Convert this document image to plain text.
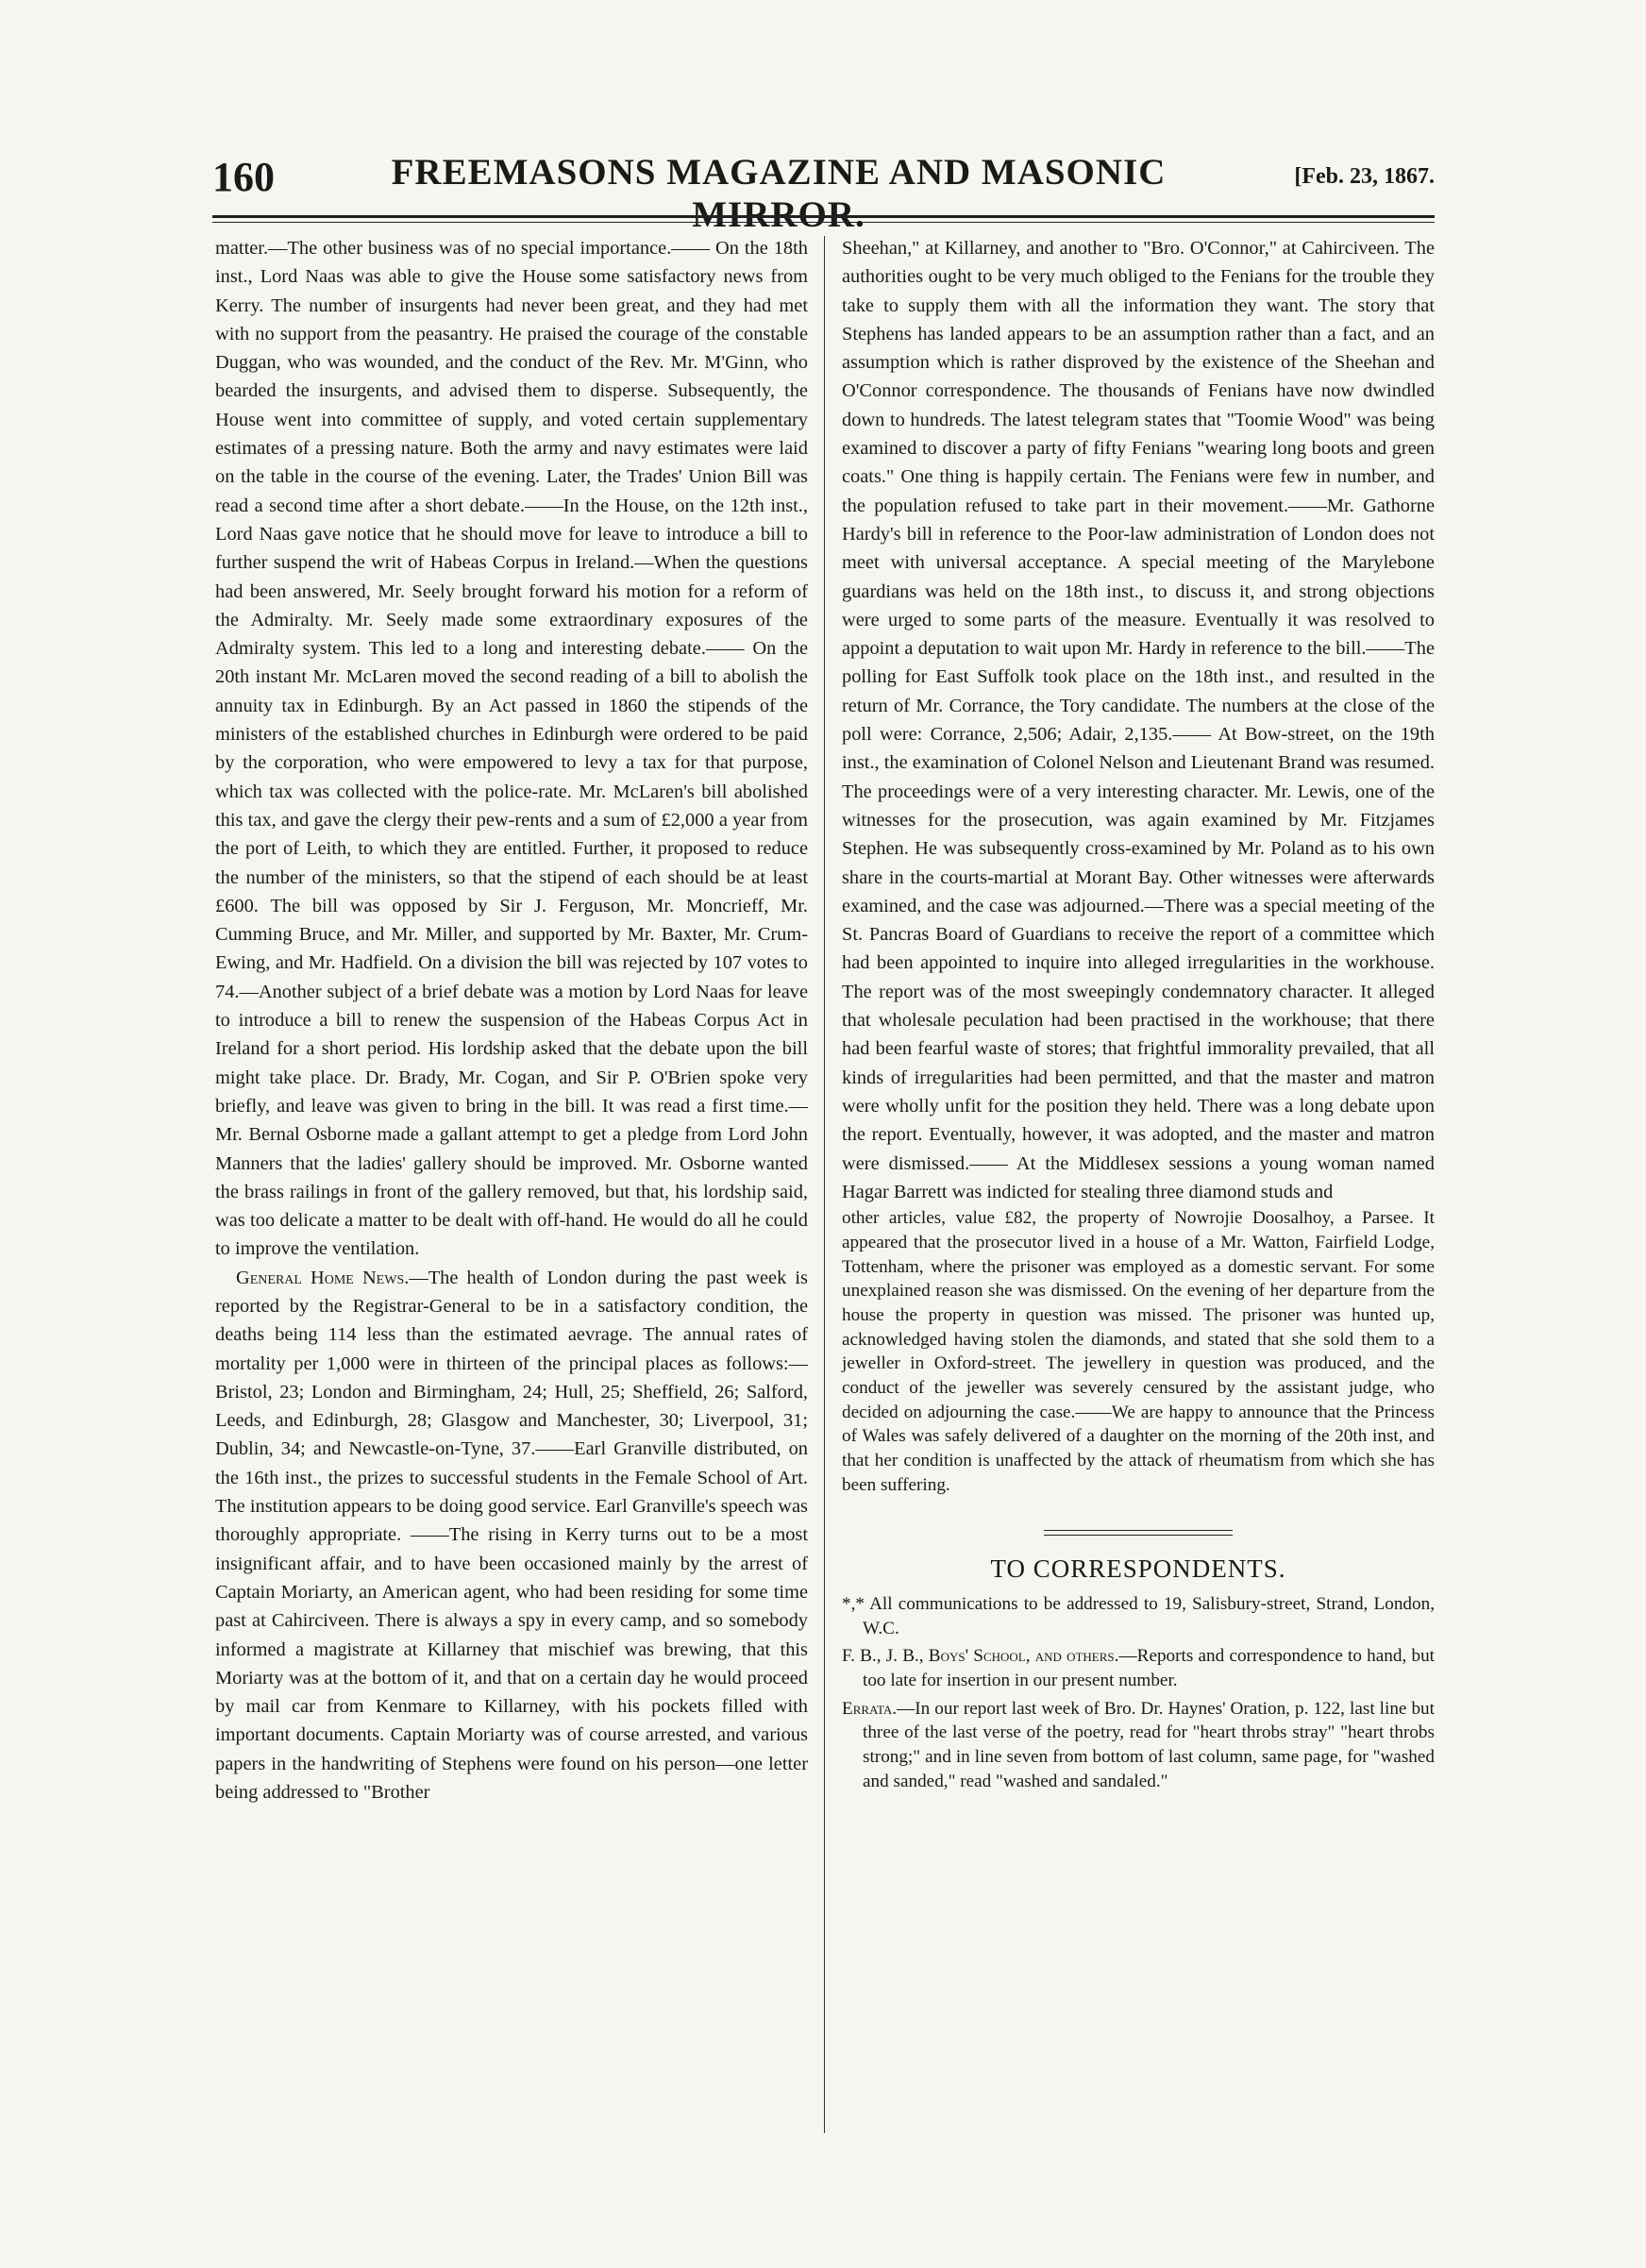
160	FREEMASONS MAGAZINE AND MASONIC MIRROR.
[Feb. 23, 1867.

matter.—The other business was of no special importance.—— On the 18th inst., Lord Naas was able to give the House some satisfactory news from Kerry. The number of insurgents had never been great, and they had met with no support from the peasantry. He praised the courage of the constable Duggan, who was wounded, and the conduct of the Rev. Mr. M'Ginn, who bearded the insurgents, and advised them to disperse. Subsequently, the House went into committee of supply, and voted certain supplementary estimates of a pressing nature. Both the army and navy estimates were laid on the table in the course of the evening. Later, the Trades' Union Bill was read a second time after a short debate.——In the House, on the 12th inst., Lord Naas gave notice that he should move for leave to introduce a bill to further suspend the writ of Habeas Corpus in Ireland.—When the questions had been answered, Mr. Seely brought forward his motion for a reform of the Admiralty. Mr. Seely made some extraordinary exposures of the Admiralty system. This led to a long and interesting debate.—— On the 20th instant Mr. McLaren moved the second reading of a bill to abolish the annuity tax in Edinburgh. By an Act passed in 1860 the stipends of the ministers of the established churches in Edinburgh were ordered to be paid by the corporation, who were empowered to levy a tax for that purpose, which tax was collected with the police-rate. Mr. McLaren's bill abolished this tax, and gave the clergy their pew-rents and a sum of £2,000 a year from the port of Leith, to which they are entitled. Further, it proposed to reduce the number of the ministers, so that the stipend of each should be at least £600. The bill was opposed by Sir J. Ferguson, Mr. Moncrieff, Mr. Cumming Bruce, and Mr. Miller, and supported by Mr. Baxter, Mr. Crum-Ewing, and Mr. Hadfield. On a division the bill was rejected by 107 votes to 74.—Another subject of a brief debate was a motion by Lord Naas for leave to introduce a bill to renew the suspension of the Habeas Corpus Act in Ireland for a short period. His lordship asked that the debate upon the bill might take place. Dr. Brady, Mr. Cogan, and Sir P. O'Brien spoke very briefly, and leave was given to bring in the bill. It was read a first time.— Mr. Bernal Osborne made a gallant attempt to get a pledge from Lord John Manners that the ladies' gallery should be improved. Mr. Osborne wanted the brass railings in front of the gallery removed, but that, his lordship said, was too delicate a matter to be dealt with off-hand. He would do all he could to improve the ventilation.

General Home News.—The health of London during the past week is reported by the Registrar-General to be in a satisfactory condition, the deaths being 114 less than the estimated aevrage. The annual rates of mortality per 1,000 were in thirteen of the principal places as follows:—Bristol, 23; London and Birmingham, 24; Hull, 25; Sheffield, 26; Salford, Leeds, and Edinburgh, 28; Glasgow and Manchester, 30; Liverpool, 31; Dublin, 34; and Newcastle-on-Tyne, 37.——Earl Granville distributed, on the 16th inst., the prizes to successful students in the Female School of Art. The institution appears to be doing good service. Earl Granville's speech was thoroughly appropriate. ——The rising in Kerry turns out to be a most insignificant affair, and to have been occasioned mainly by the arrest of Captain Moriarty, an American agent, who had been residing for some time past at Cahirciveen. There is always a spy in every camp, and so somebody informed a magistrate at Killarney that mischief was brewing, that this Moriarty was at the bottom of it, and that on a certain day he would proceed by mail car from Kenmare to Killarney, with his pockets filled with important documents. Captain Moriarty was of course arrested, and various papers in the handwriting of Stephens were found on his person—one letter being addressed to "Brother

Sheehan," at Killarney, and another to "Bro. O'Connor," at Cahirciveen. The authorities ought to be very much obliged to the Fenians for the trouble they take to supply them with all the information they want. The story that Stephens has landed appears to be an assumption rather than a fact, and an assumption which is rather disproved by the existence of the Sheehan and O'Connor correspondence. The thousands of Fenians have now dwindled down to hundreds. The latest telegram states that "Toomie Wood" was being examined to discover a party of fifty Fenians "wearing long boots and green coats." One thing is happily certain. The Fenians were few in number, and the population refused to take part in their movement.——Mr. Gathorne Hardy's bill in reference to the Poor-law administration of London does not meet with universal acceptance. A special meeting of the Marylebone guardians was held on the 18th inst., to discuss it, and strong objections were urged to some parts of the measure. Eventually it was resolved to appoint a deputation to wait upon Mr. Hardy in reference to the bill.——The polling for East Suffolk took place on the 18th inst., and resulted in the return of Mr. Corrance, the Tory candidate. The numbers at the close of the poll were: Corrance, 2,506; Adair, 2,135.—— At Bow-street, on the 19th inst., the examination of Colonel Nelson and Lieutenant Brand was resumed. The proceedings were of a very interesting character. Mr. Lewis, one of the witnesses for the prosecution, was again examined by Mr. Fitzjames Stephen. He was subsequently cross-examined by Mr. Poland as to his own share in the courts-martial at Morant Bay. Other witnesses were afterwards examined, and the case was adjourned.—There was a special meeting of the St. Pancras Board of Guardians to receive the report of a committee which had been appointed to inquire into alleged irregularities in the workhouse. The report was of the most sweepingly condemnatory character. It alleged that wholesale peculation had been practised in the workhouse; that there had been fearful waste of stores; that frightful immorality prevailed, that all kinds of irregularities had been permitted, and that the master and matron were wholly unfit for the position they held. There was a long debate upon the report. Eventually, however, it was adopted, and the master and matron were dismissed.—— At the Middlesex sessions a young woman named Hagar Barrett was indicted for stealing three diamond studs and

other articles, value £82, the property of Nowrojie Doosalhoy, a Parsee. It appeared that the prosecutor lived in a house of a Mr. Watton, Fairfield Lodge, Tottenham, where the prisoner was employed as a domestic servant. For some unexplained reason she was dismissed. On the evening of her departure from the house the property in question was missed. The prisoner was hunted up, acknowledged having stolen the diamonds, and stated that she sold them to a jeweller in Oxford-street. The jewellery in question was produced, and the conduct of the jeweller was severely censured by the assistant judge, who decided on adjourning the case.——We are happy to announce that the Princess of Wales was safely delivered of a daughter on the morning of the 20th inst, and that her condition is unaffected by the attack of rheumatism from which she has been suffering.

TO CORRESPONDENTS.

*,* All communications to be addressed to 19, Salisbury-street, Strand, London, W.C.

F. B., J. B., Boys' School, and others.—Reports and correspondence to hand, but too late for insertion in our present number.

Errata.—In our report last week of Bro. Dr. Haynes' Oration, p. 122, last line but three of the last verse of the poetry, read for "heart throbs stray" "heart throbs strong;" and in line seven from bottom of last column, same page, for "washed and sanded," read "washed and sandaled."
